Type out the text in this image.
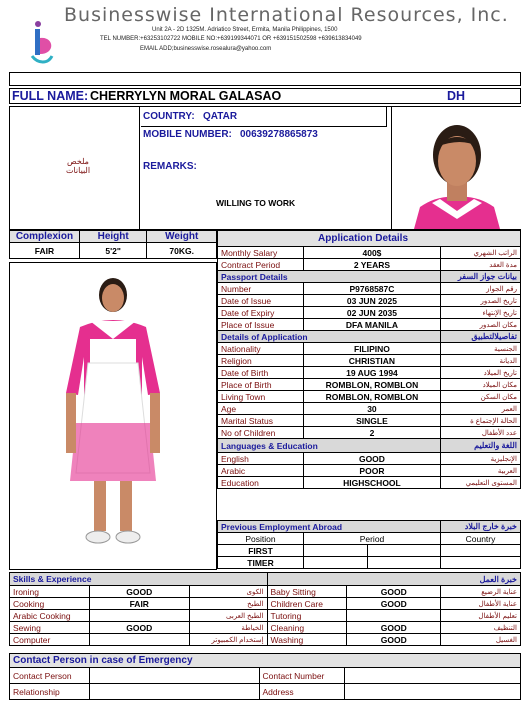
Businesswise International Resources, Inc.
Unit 2A - 2D 1325M. Adriatico Street, Ermita, Manila Philippines, 1500
TEL NUMBER:+63253102722 MOBILE NO:+639199344071 OR +639151502598 +639613834049
EMAIL ADD;businesswise.rosealura@yahoo.com
FULL NAME: CHERRYLYN MORAL GALASAO	DH
ملخص
البيانات
COUNTRY: QATAR
MOBILE NUMBER: 00639278865873
REMARKS:
WILLING TO WORK
Complexion	Height	Weight
FAIR	5'2"	70KG.
Application Details		
Monthly Salary	400$	الراتب الشهري
Contract Period	2 YEARS	مدة العقد
Passport Details		بيانات جواز السفر
Number	P9768587C	رقم الجواز
Date of Issue	03 JUN 2025	تاريخ الصدور
Date of Expiry	02 JUN 2035	تاريخ الإنتهاء
Place of Issue	DFA MANILA	مكان الصدور
Details of Application		تفاصيلالتطبيق
Nationality	FILIPINO	الجنسية
Religion	CHRISTIAN	الديانة
Date of Birth	19 AUG 1994	تاريخ الميلاد
Place of Birth	ROMBLON, ROMBLON	مكان الميلاد
Living Town	ROMBLON, ROMBLON	مكان السكن
Age	30	العمر
Marital Status	SINGLE	الحالة الإجتماع ة
No of Children	2	عدد الأطفال
Languages & Education		اللغة والتعليم
English	GOOD	الإنجليزية
Arabic	POOR	العربية
Education	HIGHSCHOOL	المستوى التعليمي
Previous Employment Abroad			خبرة خارج البلاد
Position	Period		Country
FIRST			
TIMER			
Skills & Experience			خبرة العمل		
Ironing	GOOD	الكوى	Baby Sitting	GOOD	عناية الرضيع
Cooking	FAIR	الطبخ	Children Care	GOOD	عناية الأطفال
Arabic Cooking		الطبخ العربى	Tutoring		تعليم الأطفال
Sewing	GOOD	الخياطة	Cleaning	GOOD	التنظيف
Computer		إستخدام الكمبيوتر	Washing	GOOD	الغسيل
Contact Person in case of Emergency			
Contact Person		Contact Number	
Relationship		Address	
